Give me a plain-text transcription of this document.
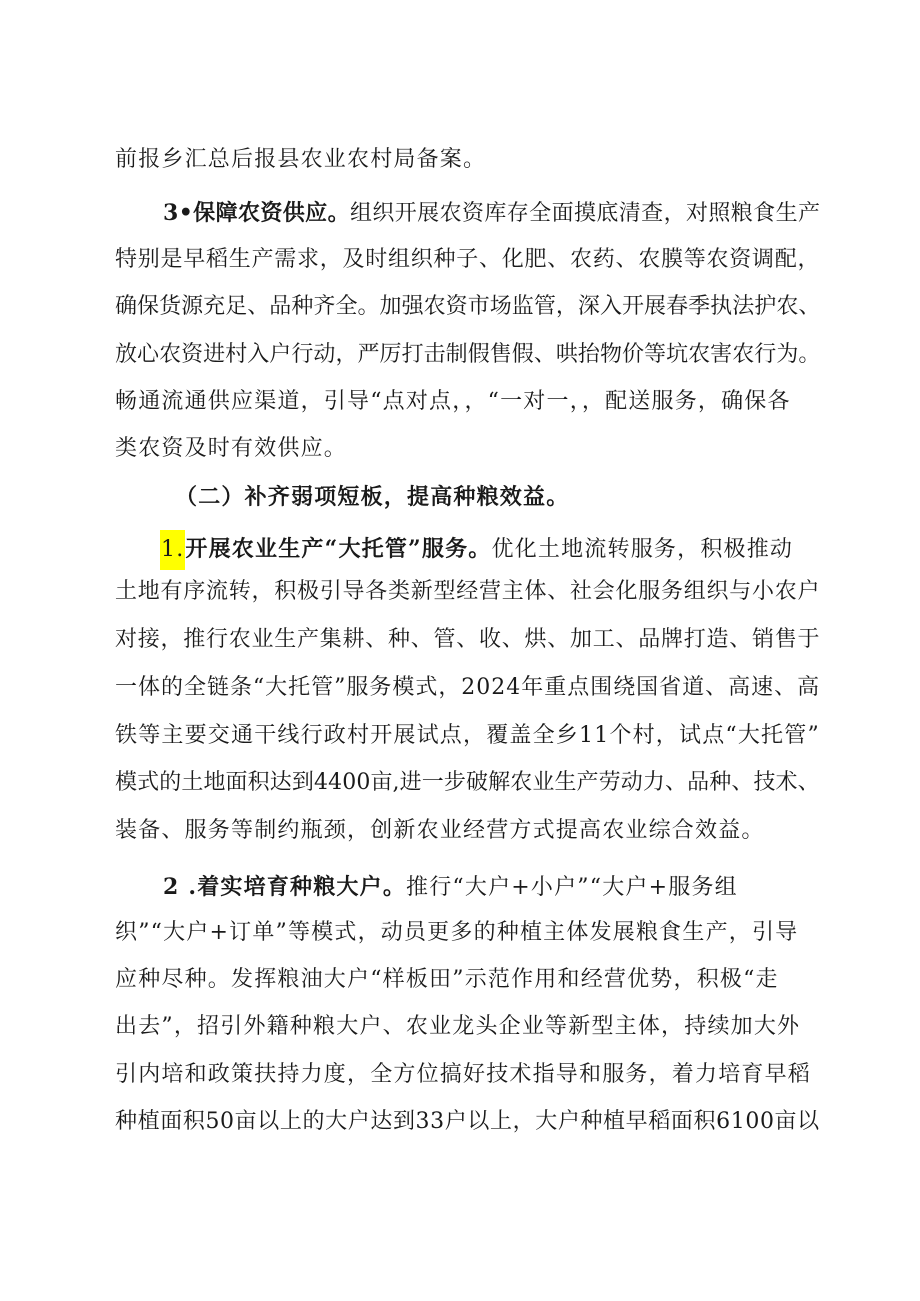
前报乡汇总后报县农业农村局备案。
3•保障农资供应。组织开展农资库存全面摸底清查，对照粮食生产
特别是早稻生产需求，及时组织种子、化肥、农药、农膜等农资调配，
确保货源充足、品种齐全。加强农资市场监管，深入开展春季执法护农、
放心农资进村入户行动，严厉打击制假售假、哄抬物价等坑农害农行为。
畅通流通供应渠道，引导“点对点，，“一对一，，配送服务，确保各
类农资及时有效供应。
（二）补齐弱项短板，提高种粮效益。
1.开展农业生产“大托管”服务。优化土地流转服务，积极推动
土地有序流转，积极引导各类新型经营主体、社会化服务组织与小农户
对接，推行农业生产集耕、种、管、收、烘、加工、品牌打造、销售于
一体的全链条“大托管”服务模式，2024年重点围绕国省道、高速、高
铁等主要交通干线行政村开展试点，覆盖全乡11个村，试点“大托管”
模式的土地面积达到4400亩,进一步破解农业生产劳动力、品种、技术、
装备、服务等制约瓶颈，创新农业经营方式提高农业综合效益。
2 .着实培育种粮大户。推行“大户+小户”“大户+服务组
织”“大户+订单”等模式，动员更多的种植主体发展粮食生产，引导
应种尽种。发挥粮油大户“样板田”示范作用和经营优势，积极“走
出去”，招引外籍种粮大户、农业龙头企业等新型主体，持续加大外
引内培和政策扶持力度，全方位搞好技术指导和服务，着力培育早稻
种植面积50亩以上的大户达到33户以上，大户种植早稻面积6100亩以
